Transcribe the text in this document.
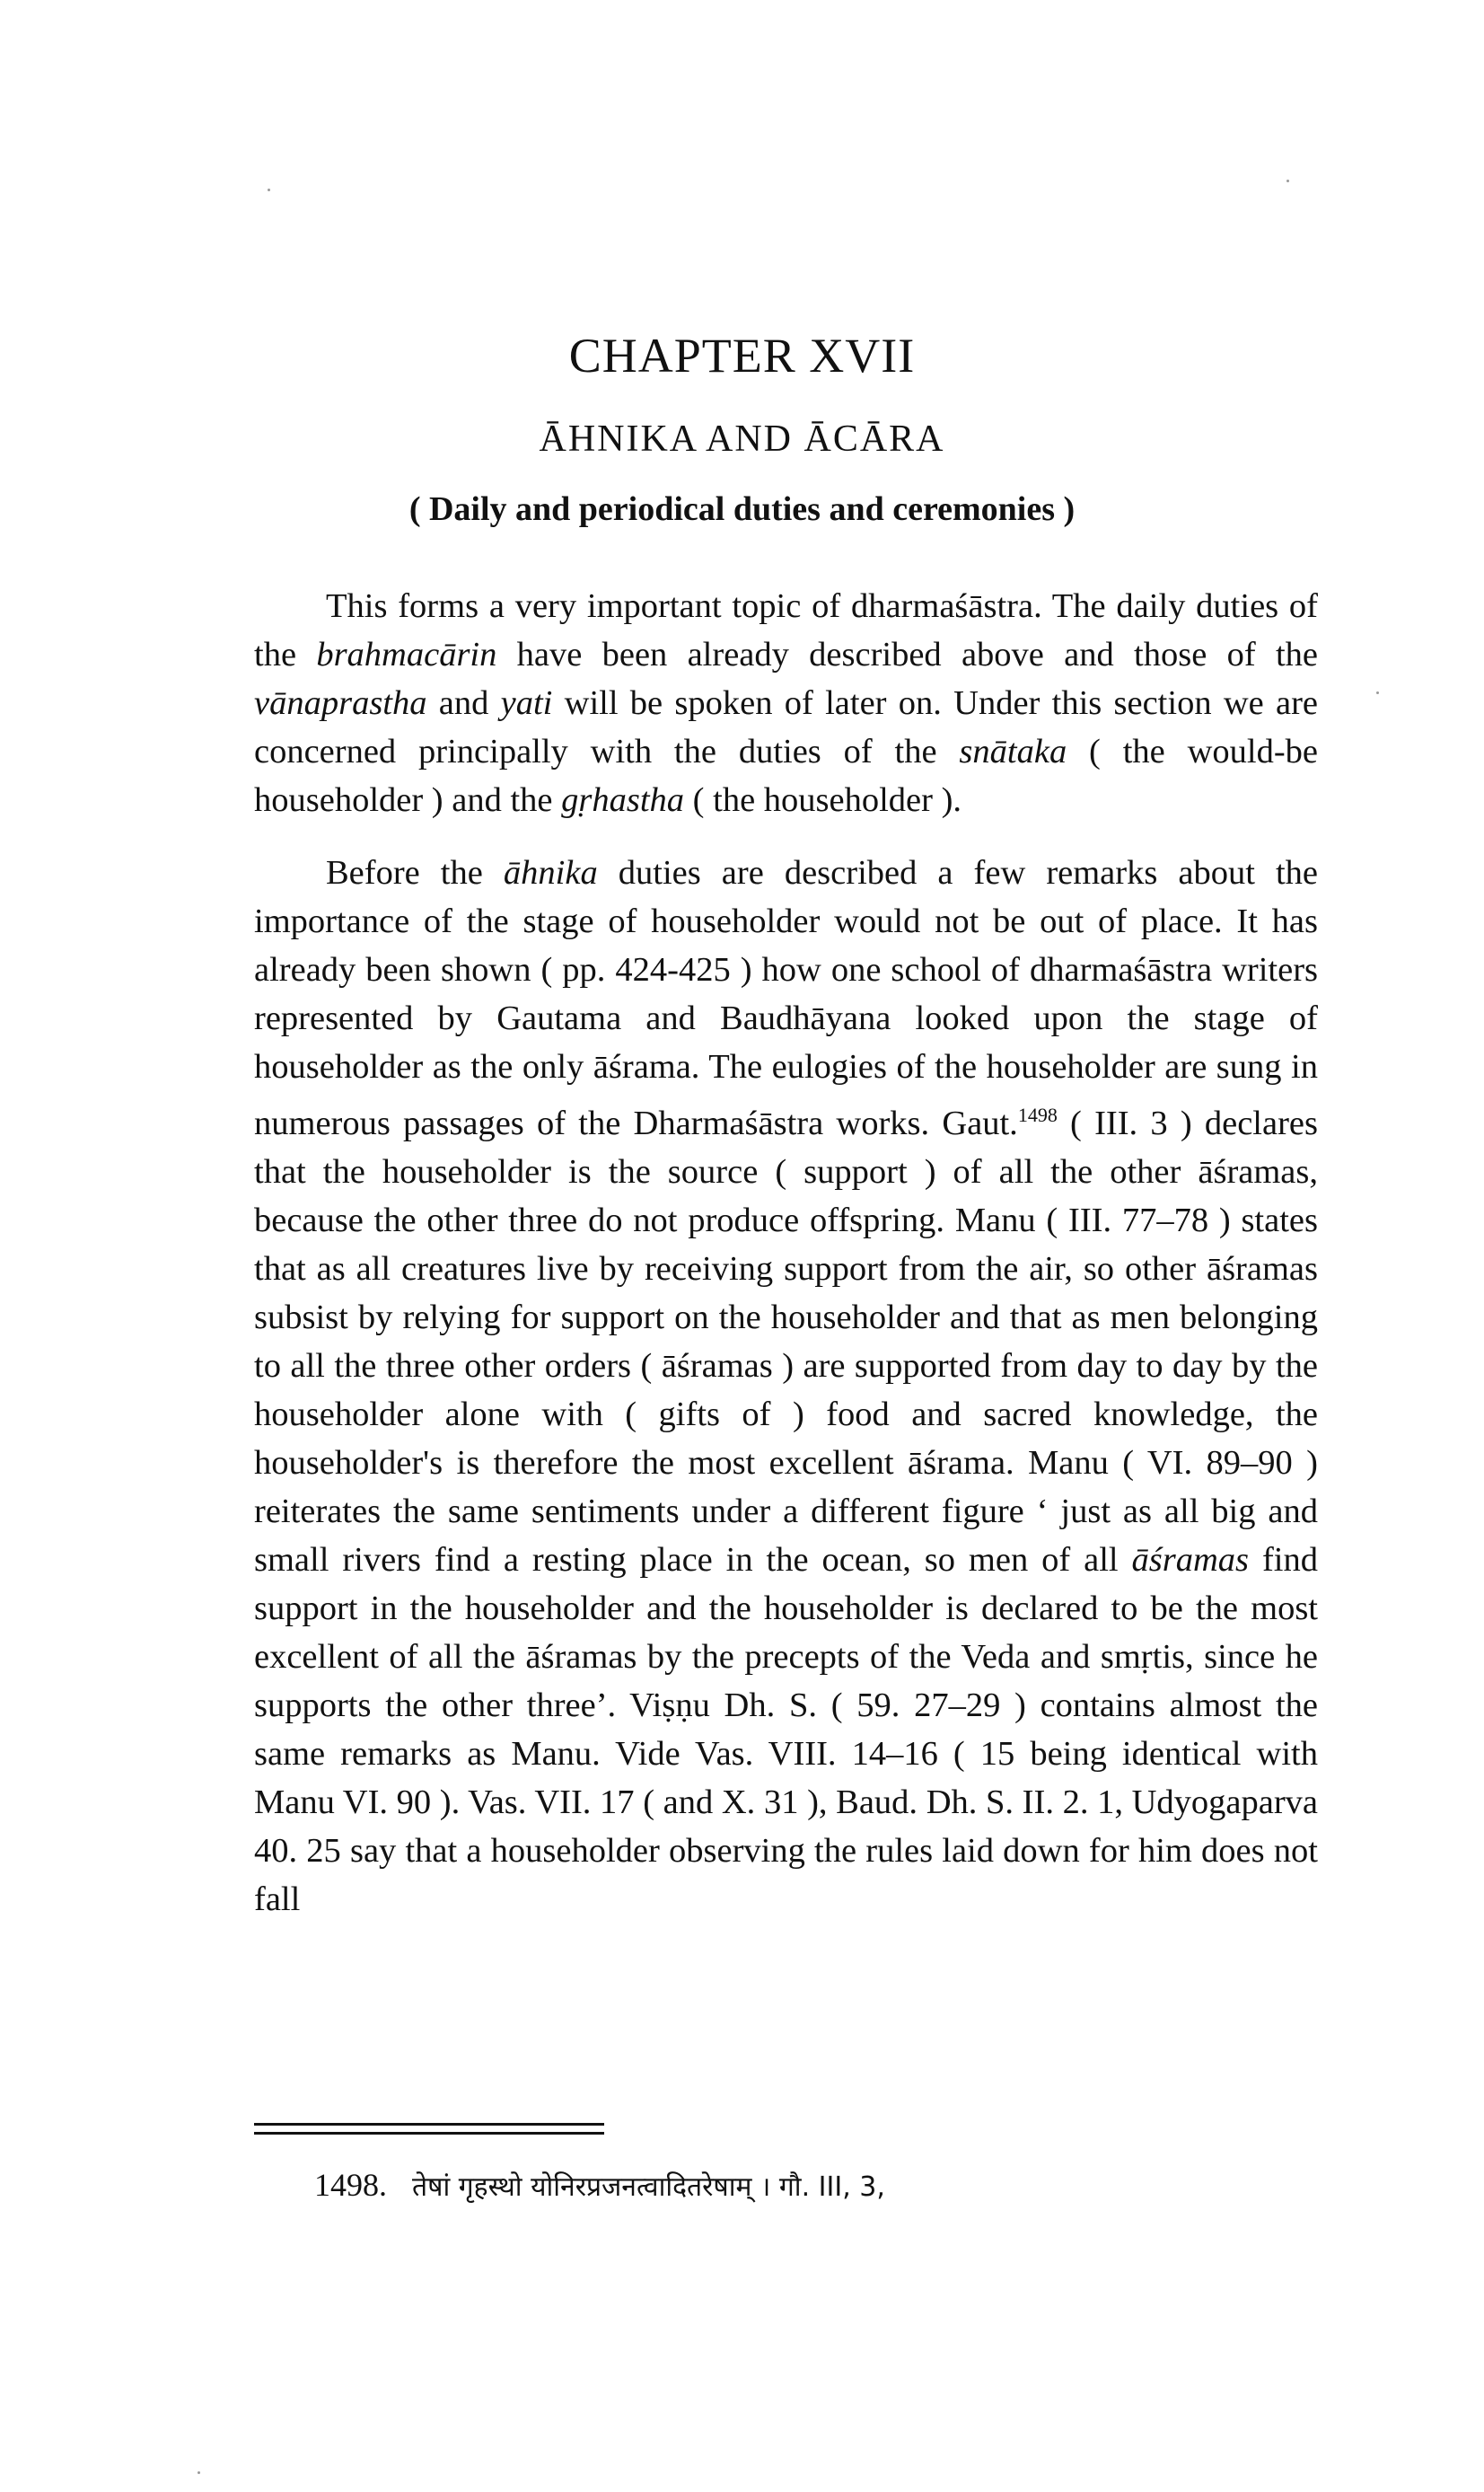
CHAPTER XVII
ĀHNIKA AND ĀCĀRA
( Daily and periodical duties and ceremonies )

This forms a very important topic of dharmaśāstra. The daily duties of the brahmacārin have been already described above and those of the vānaprastha and yati will be spoken of later on. Under this section we are concerned principally with the duties of the snātaka ( the would-be householder ) and the gṛhastha ( the householder ).

Before the āhnika duties are described a few remarks about the importance of the stage of householder would not be out of place. It has already been shown ( pp. 424-425 ) how one school of dharmaśāstra writers represented by Gautama and Baudhāyana looked upon the stage of householder as the only āśrama. The eulogies of the householder are sung in numerous passages of the Dharmaśāstra works. Gaut.$^{1498}$ ( III. 3 ) declares that the householder is the source ( support ) of all the other āśramas, because the other three do not produce offspring. Manu ( III. 77–78 ) states that as all creatures live by receiving support from the air, so other āśramas subsist by relying for support on the householder and that as men belonging to all the three other orders ( āśramas ) are supported from day to day by the householder alone with ( gifts of ) food and sacred knowledge, the householder's is therefore the most excellent āśrama. Manu ( VI. 89–90 ) reiterates the same sentiments under a different figure ‘ just as all big and small rivers find a resting place in the ocean, so men of all āśramas find support in the householder and the householder is declared to be the most excellent of all the āśramas by the precepts of the Veda and smṛtis, since he supports the other three’. Viṣṇu Dh. S. ( 59. 27–29 ) contains almost the same remarks as Manu. Vide Vas. VIII. 14–16 ( 15 being identical with Manu VI. 90 ). Vas. VII. 17 ( and X. 31 ), Baud. Dh. S. II. 2. 1, Udyogaparva 40. 25 say that a householder observing the rules laid down for him does not fall

1498. तेषां गृहस्थो योनिरप्रजनत्वादितरेषाम् । गौ. III, 3,
